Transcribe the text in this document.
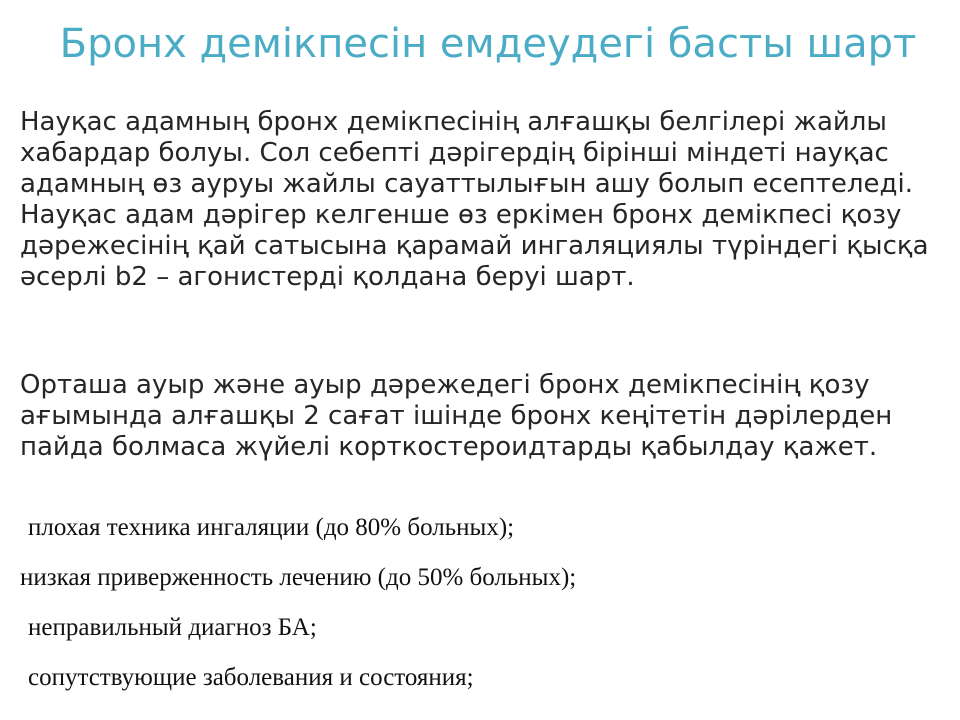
Бронх демікпесін емдеудегі басты шарт

Науқас адамның бронх демікпесінің алғашқы белгілері жайлы хабардар болуы. Сол себепті дәрігердің бірінші міндеті науқас адамның өз ауруы жайлы сауаттылығын ашу болып есептеледі. Науқас адам дәрігер келгенше өз еркімен бронх демікпесі қозу дәрежесінің қай сатысына қарамай ингаляциялы түріндегі қысқа әсерлі b2 – агонистерді қолдана беруі шарт.

Орташа ауыр және ауыр дәрежедегі бронх демікпесінің қозу ағымында алғашқы 2 сағат ішінде бронх кеңітетін дәрілерден пайда болмаса жүйелі корткостероидтарды қабылдау қажет.

плохая техника ингаляции (до 80% больных);

низкая приверженность лечению (до 50% больных);

неправильный диагноз БА;

сопутствующие заболевания и состояния;
